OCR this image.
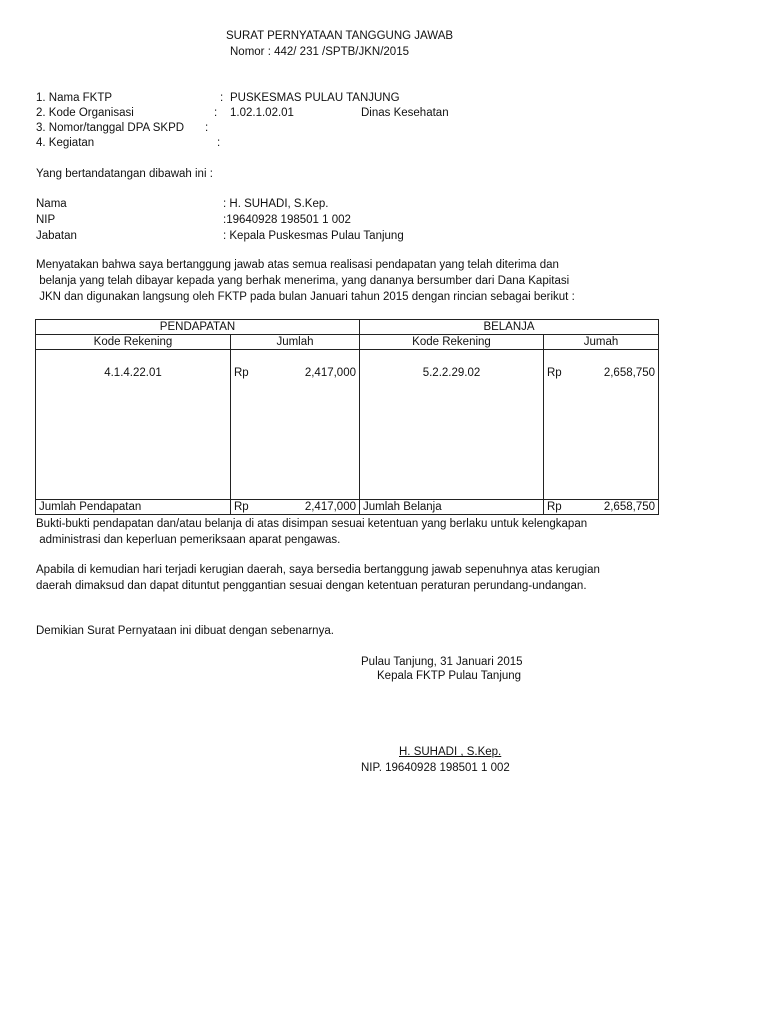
SURAT PERNYATAAN TANGGUNG JAWAB
Nomor : 442/ 231 /SPTB/JKN/2015
1. Nama FKTP	: PUSKESMAS PULAU TANJUNG
2. Kode Organisasi	: 1.02.1.02.01	Dinas Kesehatan
3. Nomor/tanggal DPA SKPD :
4. Kegiatan	:
Yang bertandatangan dibawah ini :
Nama	: H. SUHADI, S.Kep.
NIP	:19640928 198501 1 002
Jabatan	: Kepala Puskesmas Pulau Tanjung
Menyatakan bahwa saya bertanggung jawab atas semua realisasi pendapatan yang telah diterima dan
belanja yang telah dibayar kepada yang berhak menerima, yang dananya bersumber dari Dana Kapitasi
JKN dan digunakan langsung oleh FKTP pada bulan Januari tahun 2015 dengan rincian sebagai berikut :
PENDAPATAN			BELANJA		
Kode Rekening	Jumlah		Kode Rekening	Jumah	
4.1.4.22.01	Rp	2,417,000	5.2.2.29.02	Rp	2,658,750
Jumlah Pendapatan	Rp	2,417,000	Jumlah Belanja	Rp	2,658,750
Bukti-bukti pendapatan dan/atau belanja di atas disimpan sesuai ketentuan yang berlaku untuk kelengkapan
administrasi dan keperluan pemeriksaan aparat pengawas.
Apabila di kemudian hari terjadi kerugian daerah, saya bersedia bertanggung jawab sepenuhnya atas kerugian
daerah dimaksud dan dapat dituntut penggantian sesuai dengan ketentuan peraturan perundang-undangan.
Demikian Surat Pernyataan ini dibuat dengan sebenarnya.
Pulau Tanjung, 31 Januari 2015
Kepala FKTP Pulau Tanjung
H. SUHADI , S.Kep.
NIP. 19640928 198501 1 002
